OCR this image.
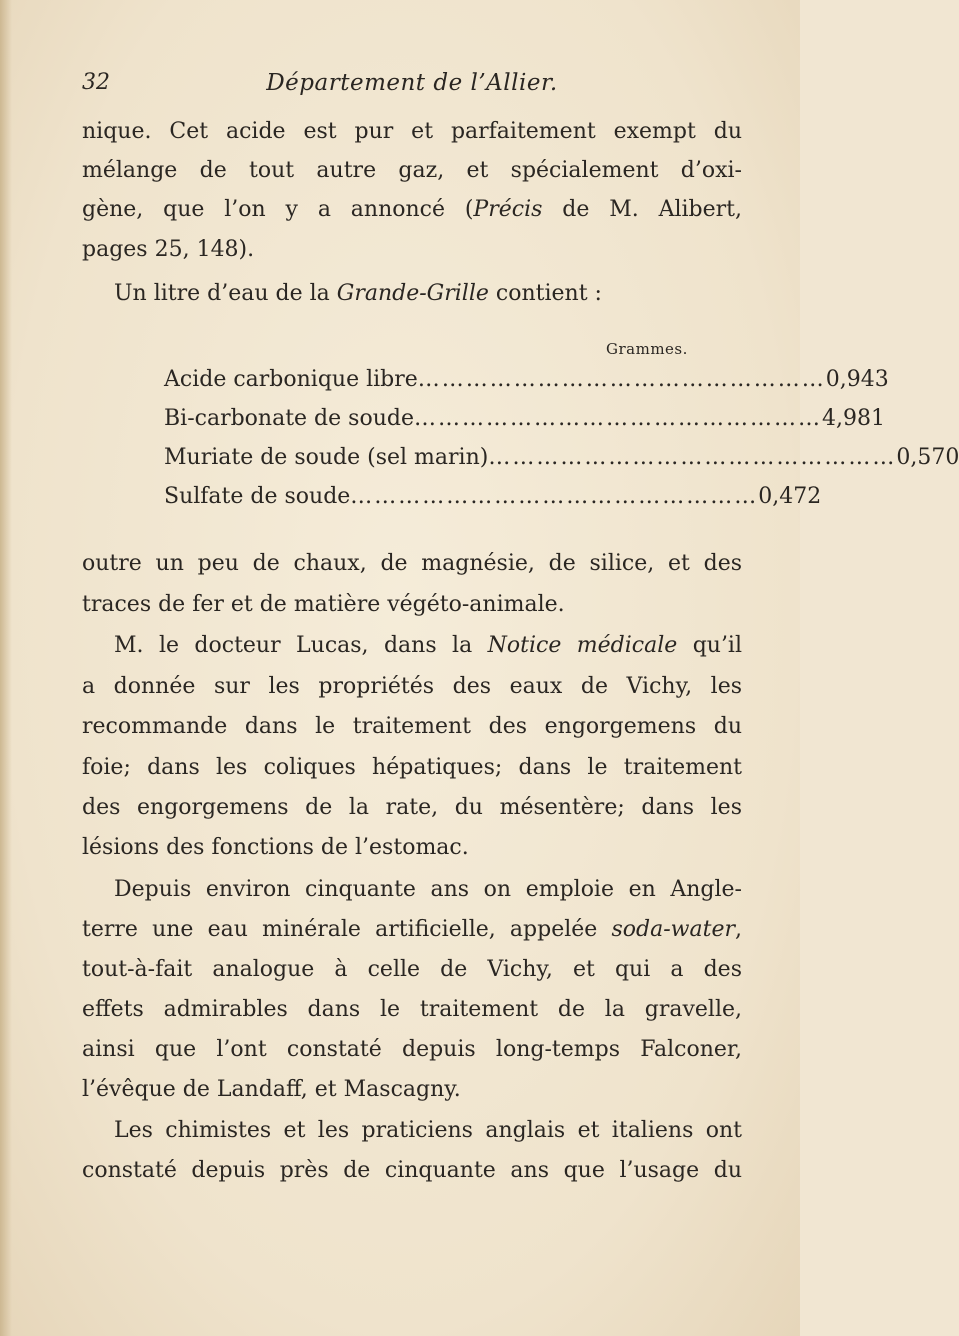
32	Département de l’Allier.
nique. Cet acide est pur et parfaitement exempt du
mélange de tout autre gaz, et spécialement d’oxi-
gène, que l’on y a annoncé (Précis de M. Alibert,
pages 25, 148).
Un litre d’eau de la Grande-Grille contient :
Grammes.
Acide carbonique libre …………………………………………… 0,943
Bi-carbonate de soude …………………………………………… 4,981
Muriate de soude (sel marin) …………………………………………… 0,570
Sulfate de soude …………………………………………… 0,472
outre un peu de chaux, de magnésie, de silice, et des
traces de fer et de matière végéto-animale.
M. le docteur Lucas, dans la Notice médicale qu’il
a donnée sur les propriétés des eaux de Vichy, les
recommande dans le traitement des engorgemens du
foie; dans les coliques hépatiques; dans le traitement
des engorgemens de la rate, du mésentère; dans les
lésions des fonctions de l’estomac.
Depuis environ cinquante ans on emploie en Angle-
terre une eau minérale artificielle, appelée soda-water,
tout-à-fait analogue à celle de Vichy, et qui a des
effets admirables dans le traitement de la gravelle,
ainsi que l’ont constaté depuis long-temps Falconer,
l’évêque de Landaff, et Mascagny.
Les chimistes et les praticiens anglais et italiens ont
constaté depuis près de cinquante ans que l’usage du
